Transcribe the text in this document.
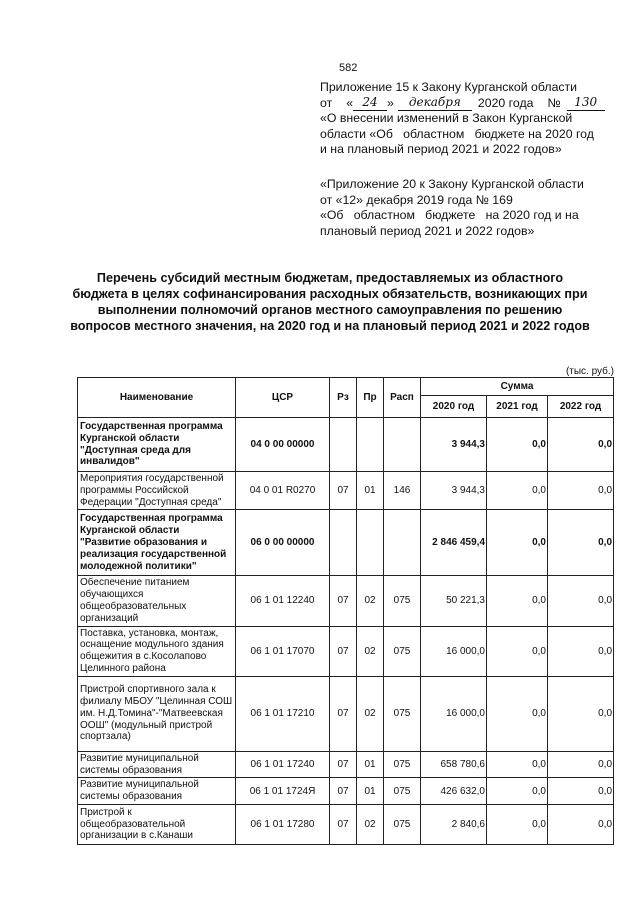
582
Приложение 15 к Закону Курганской области
от « 24 »	декабря	2020 года №	130
«О внесении изменений в Закон Курганской
области «Об   областном   бюджете на 2020 год
и на плановый период 2021 и 2022 годов»
«Приложение 20 к Закону Курганской области
от «12» декабря 2019 года № 169
«Об   областном   бюджете   на 2020 год и на
плановый период 2021 и 2022 годов»
Перечень субсидий местным бюджетам, предоставляемых из областного
бюджета в целях софинансирования расходных обязательств, возникающих при
выполнении полномочий органов местного самоуправления по решению
вопросов местного значения, на 2020 год и на плановый период 2021 и 2022 годов
(тыс. руб.)
Наименование	ЦСР	Рз	Пр	Расп	Сумма		
					2020 год	2021 год	2022 год
Государственная программа Курганской области "Доступная среда для инвалидов"	04 0 00 00000				3 944,3	0,0	0,0
Мероприятия государственной программы Российской Федерации "Доступная среда"	04 0 01 R0270	07	01	146	3 944,3	0,0	0,0
Государственная программа Курганской области "Развитие образования и реализация государственной молодежной политики"	06 0 00 00000				2 846 459,4	0,0	0,0
Обеспечение питанием обучающихся общеобразовательных организаций	06 1 01 12240	07	02	075	50 221,3	0,0	0,0
Поставка, установка, монтаж, оснащение модульного здания общежития в с.Косолапово Целинного района	06 1 01 17070	07	02	075	16 000,0	0,0	0,0
Пристрой спортивного зала к филиалу МБОУ "Целинная СОШ им. Н.Д.Томина"-"Матвеевская ООШ" (модульный пристрой спортзала)	06 1 01 17210	07	02	075	16 000,0	0,0	0,0
Развитие муниципальной системы образования	06 1 01 17240	07	01	075	658 780,6	0,0	0,0
Развитие муниципальной системы образования	06 1 01 1724Я	07	01	075	426 632,0	0,0	0,0
Пристрой к общеобразовательной организации в с.Канаши	06 1 01 17280	07	02	075	2 840,6	0,0	0,0
